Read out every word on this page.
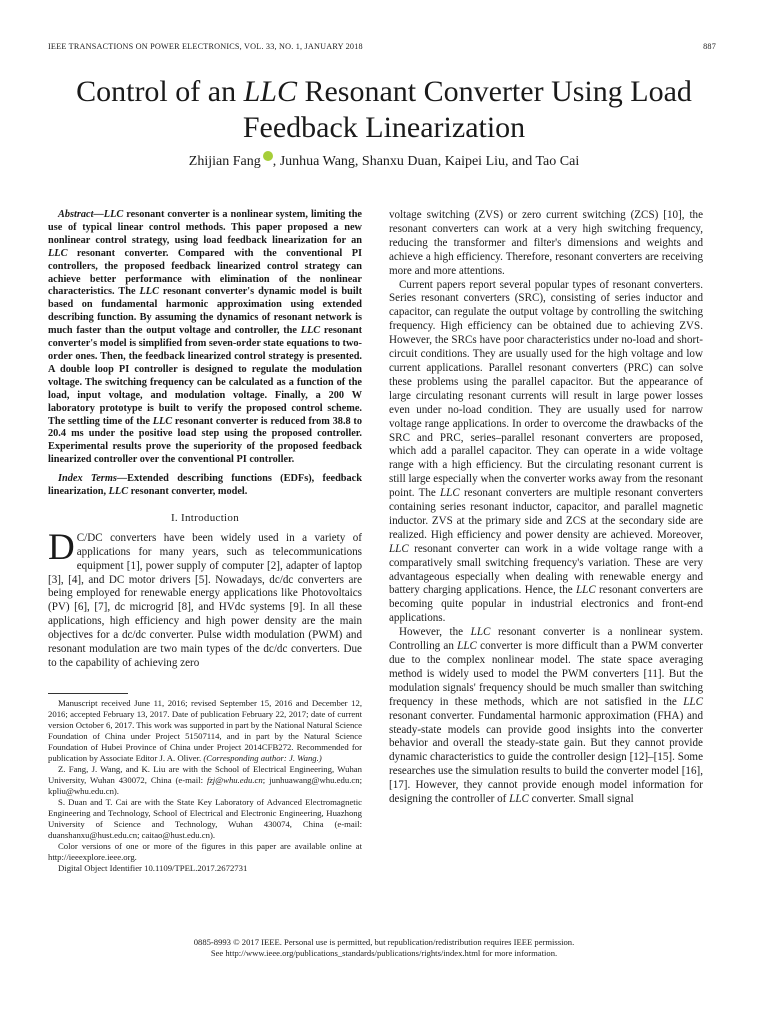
IEEE TRANSACTIONS ON POWER ELECTRONICS, VOL. 33, NO. 1, JANUARY 2018	887
Control of an LLC Resonant Converter Using Load
Feedback Linearization
Zhijian Fang , Junhua Wang, Shanxu Duan, Kaipei Liu, and Tao Cai

Abstract—LLC resonant converter is a nonlinear system, limiting the use of typical linear control methods. This paper proposed a new nonlinear control strategy, using load feedback linearization for an LLC resonant converter. Compared with the conventional PI controllers, the proposed feedback linearized control strategy can achieve better performance with elimination of the nonlinear characteristics. The LLC resonant converter's dynamic model is built based on fundamental harmonic approximation using extended describing function. By assuming the dynamics of resonant network is much faster than the output voltage and controller, the LLC resonant converter's model is simplified from seven-order state equations to two-order ones. Then, the feedback linearized control strategy is presented. A double loop PI controller is designed to regulate the modulation voltage. The switching frequency can be calculated as a function of the load, input voltage, and modulation voltage. Finally, a 200 W laboratory prototype is built to verify the proposed control scheme. The settling time of the LLC resonant converter is reduced from 38.8 to 20.4 ms under the positive load step using the proposed controller. Experimental results prove the superiority of the proposed feedback linearized controller over the conventional PI controller.

Index Terms—Extended describing functions (EDFs), feedback linearization, LLC resonant converter, model.

I. Introduction

D C/DC converters have been widely used in a variety of applications for many years, such as telecommunications equipment [1], power supply of computer [2], adapter of laptop [3], [4], and DC motor drivers [5]. Nowadays, dc/dc converters are being employed for renewable energy applications like Photovoltaics (PV) [6], [7], dc microgrid [8], and HVdc systems [9]. In all these applications, high efficiency and high power density are the main objectives for a dc/dc converter. Pulse width modulation (PWM) and resonant modulation are two main types of the dc/dc converters. Due to the capability of achieving zero

Manuscript received June 11, 2016; revised September 15, 2016 and December 12, 2016; accepted February 13, 2017. Date of publication February 22, 2017; date of current version October 6, 2017. This work was supported in part by the National Natural Science Foundation of China under Project 51507114, and in part by the Natural Science Foundation of Hubei Province of China under Project 2014CFB272. Recommended for publication by Associate Editor J. A. Oliver. (Corresponding author: J. Wang.)

Z. Fang, J. Wang, and K. Liu are with the School of Electrical Engineering, Wuhan University, Wuhan 430072, China (e-mail: fzj@whu.edu.cn; junhuawang@whu.edu.cn; kpliu@whu.edu.cn).

S. Duan and T. Cai are with the State Key Laboratory of Advanced Electromagnetic Engineering and Technology, School of Electrical and Electronic Engineering, Huazhong University of Science and Technology, Wuhan 430074, China (e-mail: duanshanxu@hust.edu.cn; caitao@hust.edu.cn).

Color versions of one or more of the figures in this paper are available online at http://ieeexplore.ieee.org.

Digital Object Identifier 10.1109/TPEL.2017.2672731

voltage switching (ZVS) or zero current switching (ZCS) [10], the resonant converters can work at a very high switching frequency, reducing the transformer and filter's dimensions and weights and achieve a high efficiency. Therefore, resonant converters are receiving more and more attentions.

Current papers report several popular types of resonant converters. Series resonant converters (SRC), consisting of series inductor and capacitor, can regulate the output voltage by controlling the switching frequency. High efficiency can be obtained due to achieving ZVS. However, the SRCs have poor characteristics under no-load and short-circuit conditions. They are usually used for the high voltage and low current applications. Parallel resonant converters (PRC) can solve these problems using the parallel capacitor. But the appearance of large circulating resonant currents will result in large power losses even under no-load condition. They are usually used for narrow voltage range applications. In order to overcome the drawbacks of the SRC and PRC, series–parallel resonant converters are proposed, which add a parallel capacitor. They can operate in a wide voltage range with a high efficiency. But the circulating resonant current is still large especially when the converter works away from the resonant point. The LLC resonant converters are multiple resonant converters containing series resonant inductor, capacitor, and parallel magnetic inductor. ZVS at the primary side and ZCS at the secondary side are realized. High efficiency and power density are achieved. Moreover, LLC resonant converter can work in a wide voltage range with a comparatively small switching frequency's variation. These are very advantageous especially when dealing with renewable energy and battery charging applications. Hence, the LLC resonant converters are becoming quite popular in industrial electronics and front-end applications.

However, the LLC resonant converter is a nonlinear system. Controlling an LLC converter is more difficult than a PWM converter due to the complex nonlinear model. The state space averaging method is widely used to model the PWM converters [11]. But the modulation signals' frequency should be much smaller than switching frequency in these methods, which are not satisfied in the LLC resonant converter. Fundamental harmonic approximation (FHA) and steady-state models can provide good insights into the converter behavior and overall the steady-state gain. But they cannot provide dynamic characteristics to guide the controller design [12]–[15]. Some researches use the simulation results to build the converter model [16], [17]. However, they cannot provide enough model information for designing the controller of LLC converter. Small signal

0885-8993 © 2017 IEEE. Personal use is permitted, but republication/redistribution requires IEEE permission.
See http://www.ieee.org/publications_standards/publications/rights/index.html for more information.
